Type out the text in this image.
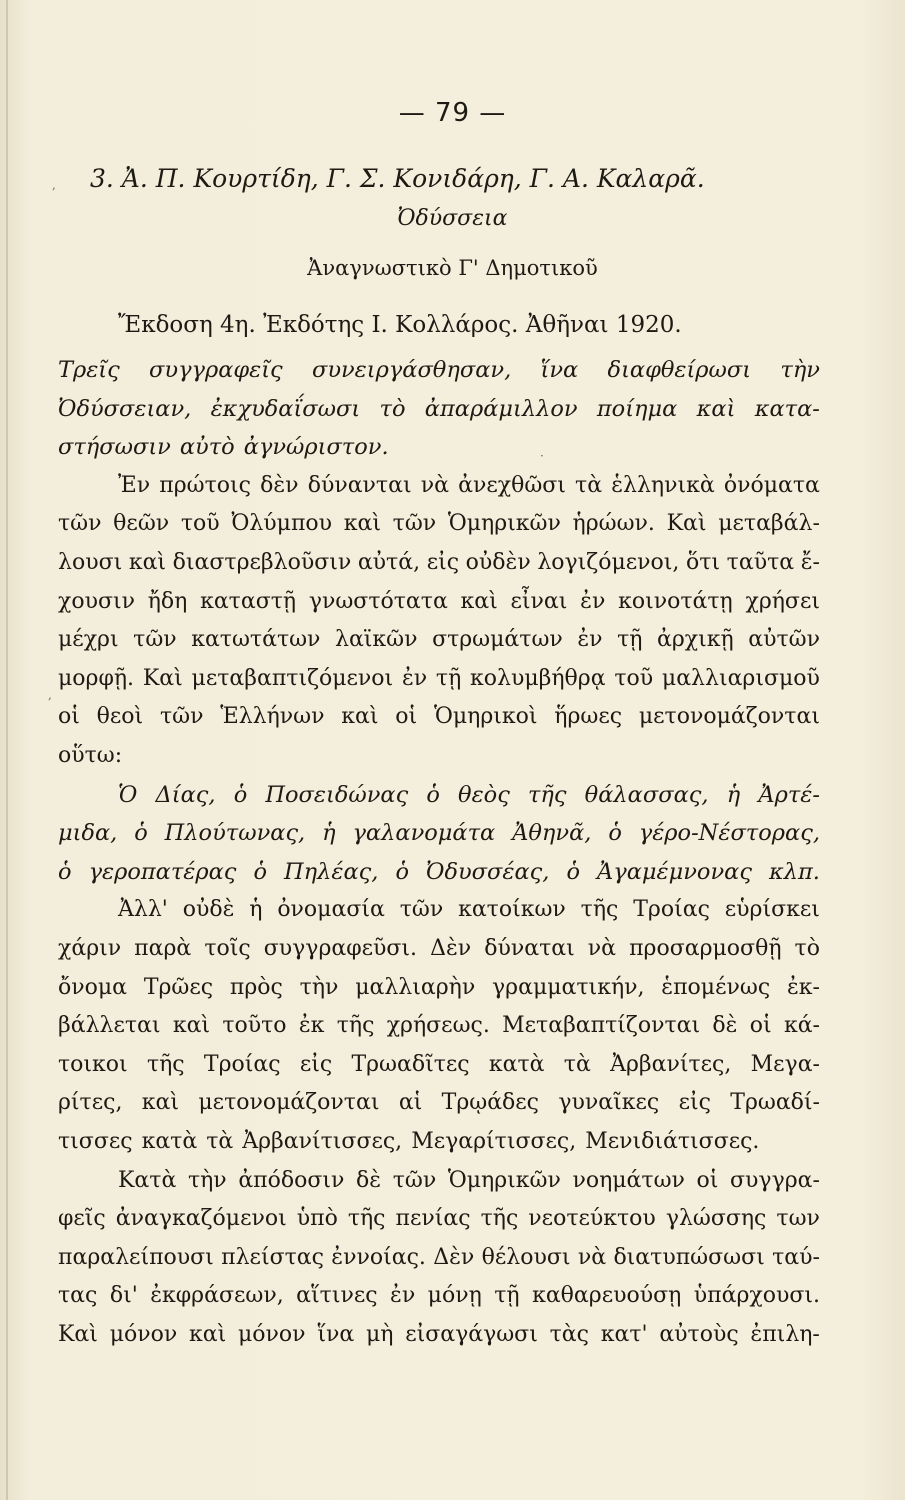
— 79 —
, 3. Ἀ. Π. Κουρτίδη, Γ. Σ. Κονιδάρη, Γ. Α. Καλαρᾶ.
Ὀδύσσεια
Ἀναγνωστικὸ Γ' Δημοτικοῦ
Ἔκδοση 4η. Ἐκδότης Ι. Κολλάρος. Ἀθῆναι 1920.
·
,
Τρεῖς συγγραφεῖς συνειργάσθησαν, ἵνα διαφθείρωσι τὴν
Ὀδύσσειαν, ἐκχυδαΐσωσι τὸ ἀπαράμιλλον ποίημα καὶ κατα-
στήσωσιν αὐτὸ ἀγνώριστον.
Ἐν πρώτοις δὲν δύνανται νὰ ἀνεχθῶσι τὰ ἑλληνικὰ ὀνόματα
τῶν θεῶν τοῦ Ὀλύμπου καὶ τῶν Ὁμηρικῶν ἡρώων. Καὶ μεταβάλ-
λουσι καὶ διαστρεβλοῦσιν αὐτά, εἰς οὐδὲν λογιζόμενοι, ὅτι ταῦτα ἔ-
χουσιν ἤδη καταστῇ γνωστότατα καὶ εἶναι ἐν κοινοτάτῃ χρήσει
μέχρι τῶν κατωτάτων λαϊκῶν στρωμάτων ἐν τῇ ἀρχικῇ αὐτῶν
μορφῇ. Καὶ μεταβαπτιζόμενοι ἐν τῇ κολυμβήθρᾳ τοῦ μαλλιαρισμοῦ
οἱ θεοὶ τῶν Ἑλλήνων καὶ οἱ Ὁμηρικοὶ ἥρωες μετονομάζονται
οὕτω:
Ὁ Δίας, ὁ Ποσειδώνας ὁ θεὸς τῆς θάλασσας, ἡ Ἀρτέ-
μιδα, ὁ Πλούτωνας, ἡ γαλανομάτα Ἀθηνᾶ, ὁ γέρο-Νέστορας,
ὁ γεροπατέρας ὁ Πηλέας, ὁ Ὀδυσσέας, ὁ Ἀγαμέμνονας κλπ.
Ἀλλ' οὐδὲ ἡ ὀνομασία τῶν κατοίκων τῆς Τροίας εὑρίσκει
χάριν παρὰ τοῖς συγγραφεῦσι. Δὲν δύναται νὰ προσαρμοσθῇ τὸ
ὄνομα Τρῶες πρὸς τὴν μαλλιαρὴν γραμματικήν, ἑπομένως ἐκ-
βάλλεται καὶ τοῦτο ἐκ τῆς χρήσεως. Μεταβαπτίζονται δὲ οἱ κά-
τοικοι τῆς Τροίας εἰς Τρωαδῖτες κατὰ τὰ Ἀρβανίτες, Μεγα-
ρίτες, καὶ μετονομάζονται αἱ Τρῳάδες γυναῖκες εἰς Τρωαδί-
τισσες κατὰ τὰ Ἀρβανίτισσες, Μεγαρίτισσες, Μενιδιάτισσες.
Κατὰ τὴν ἀπόδοσιν δὲ τῶν Ὁμηρικῶν νοημάτων οἱ συγγρα-
φεῖς ἀναγκαζόμενοι ὑπὸ τῆς πενίας τῆς νεοτεύκτου γλώσσης των
παραλείπουσι πλείστας ἐννοίας. Δὲν θέλουσι νὰ διατυπώσωσι ταύ-
τας δι' ἐκφράσεων, αἵτινες ἐν μόνῃ τῇ καθαρευούσῃ ὑπάρχουσι.
Καὶ μόνον καὶ μόνον ἵνα μὴ εἰσαγάγωσι τὰς κατ' αὐτοὺς ἐπιλη-
